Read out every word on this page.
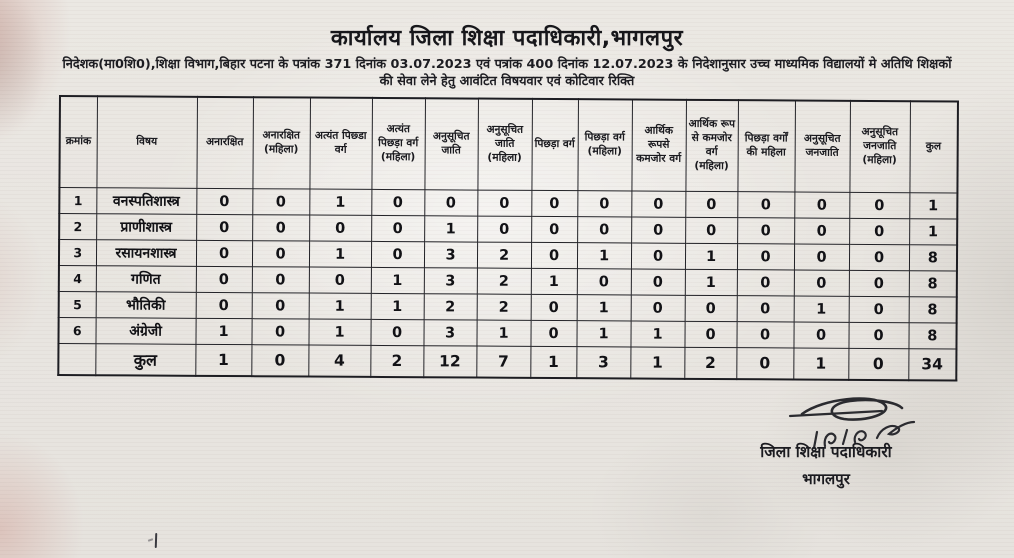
कार्यालय जिला शिक्षा पदाधिकारी,भागलपुर

निदेशक(मा0शि0),शिक्षा विभाग,बिहार पटना के पत्रांक 371 दिनांक 03.07.2023 एवं पत्रांक 400 दिनांक 12.07.2023 के निदेशानुसार उच्च माध्यमिक विद्यालयों मे अतिथि शिक्षकों

की सेवा लेने हेतु आवंटित विषयवार एवं कोटिवार रिक्ति

क्रमांक	विषय	अनारक्षित	अनारक्षित (महिला)	अत्यंत पिछ्डा वर्ग	अत्यंत पिछड़ा वर्ग (महिला)	अनुसूचित जाति	अनुसूचित जाति (महिला)	पिछड़ा वर्ग	पिछड़ा वर्ग (महिला)	आर्थिक रूपसे कमजोर वर्ग	आर्थिक रूप से कमजोर वर्ग (महिला)	पिछड़ा वर्गों की महिला	अनुसूचित जनजाति	अनुसूचित जनजाति (महिला)	कुल
1	वनस्पतिशास्त्र	0	0	1	0	0	0	0	0	0	0	0	0	0	1
2	प्राणीशास्त्र	0	0	0	0	1	0	0	0	0	0	0	0	0	1
3	रसायनशास्त्र	0	0	1	0	3	2	0	1	0	1	0	0	0	8
4	गणित	0	0	0	1	3	2	1	0	0	1	0	0	0	8
5	भौतिकी	0	0	1	1	2	2	0	1	0	0	0	1	0	8
6	अंग्रेजी	1	0	1	0	3	1	0	1	1	0	0	0	0	8
	कुल	1	0	4	2	12	7	1	3	1	2	0	1	0	34
जिला शिक्षा पदाधिकारी
भागलपुर
